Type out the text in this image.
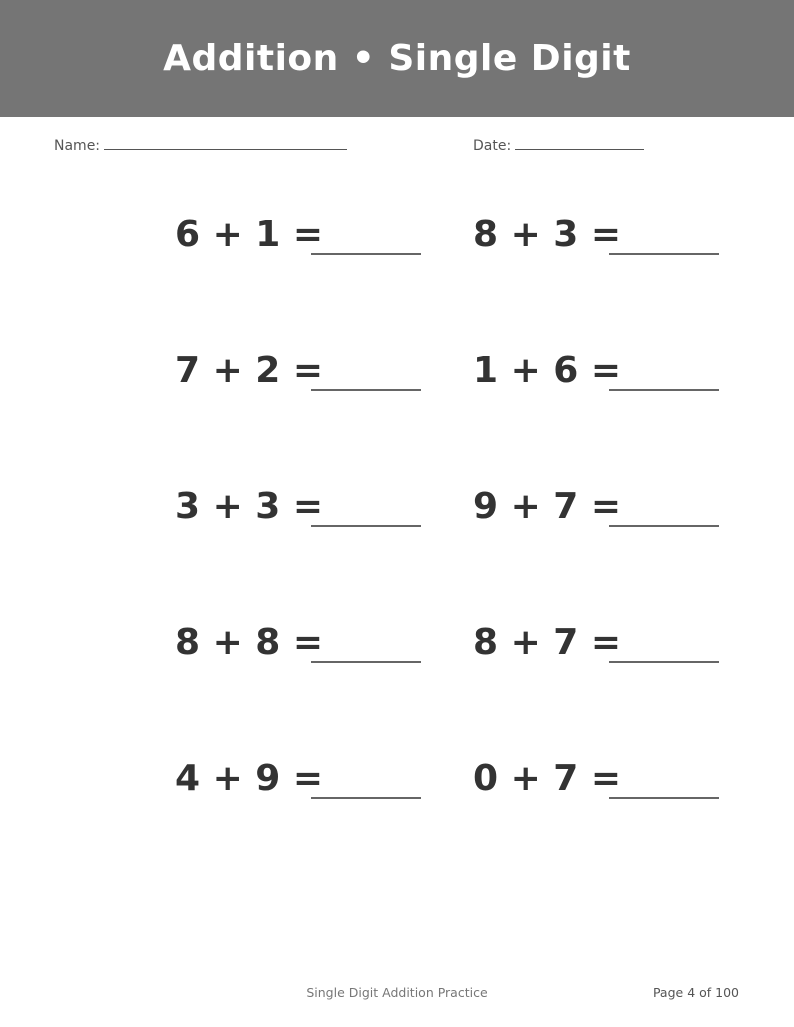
Addition • Single Digit
Name:	Date:
6 + 1 =	8 + 3 =
7 + 2 =	1 + 6 =
3 + 3 =	9 + 7 =
8 + 8 =	8 + 7 =
4 + 9 =	0 + 7 =
Single Digit Addition Practice	Page 4 of 100
